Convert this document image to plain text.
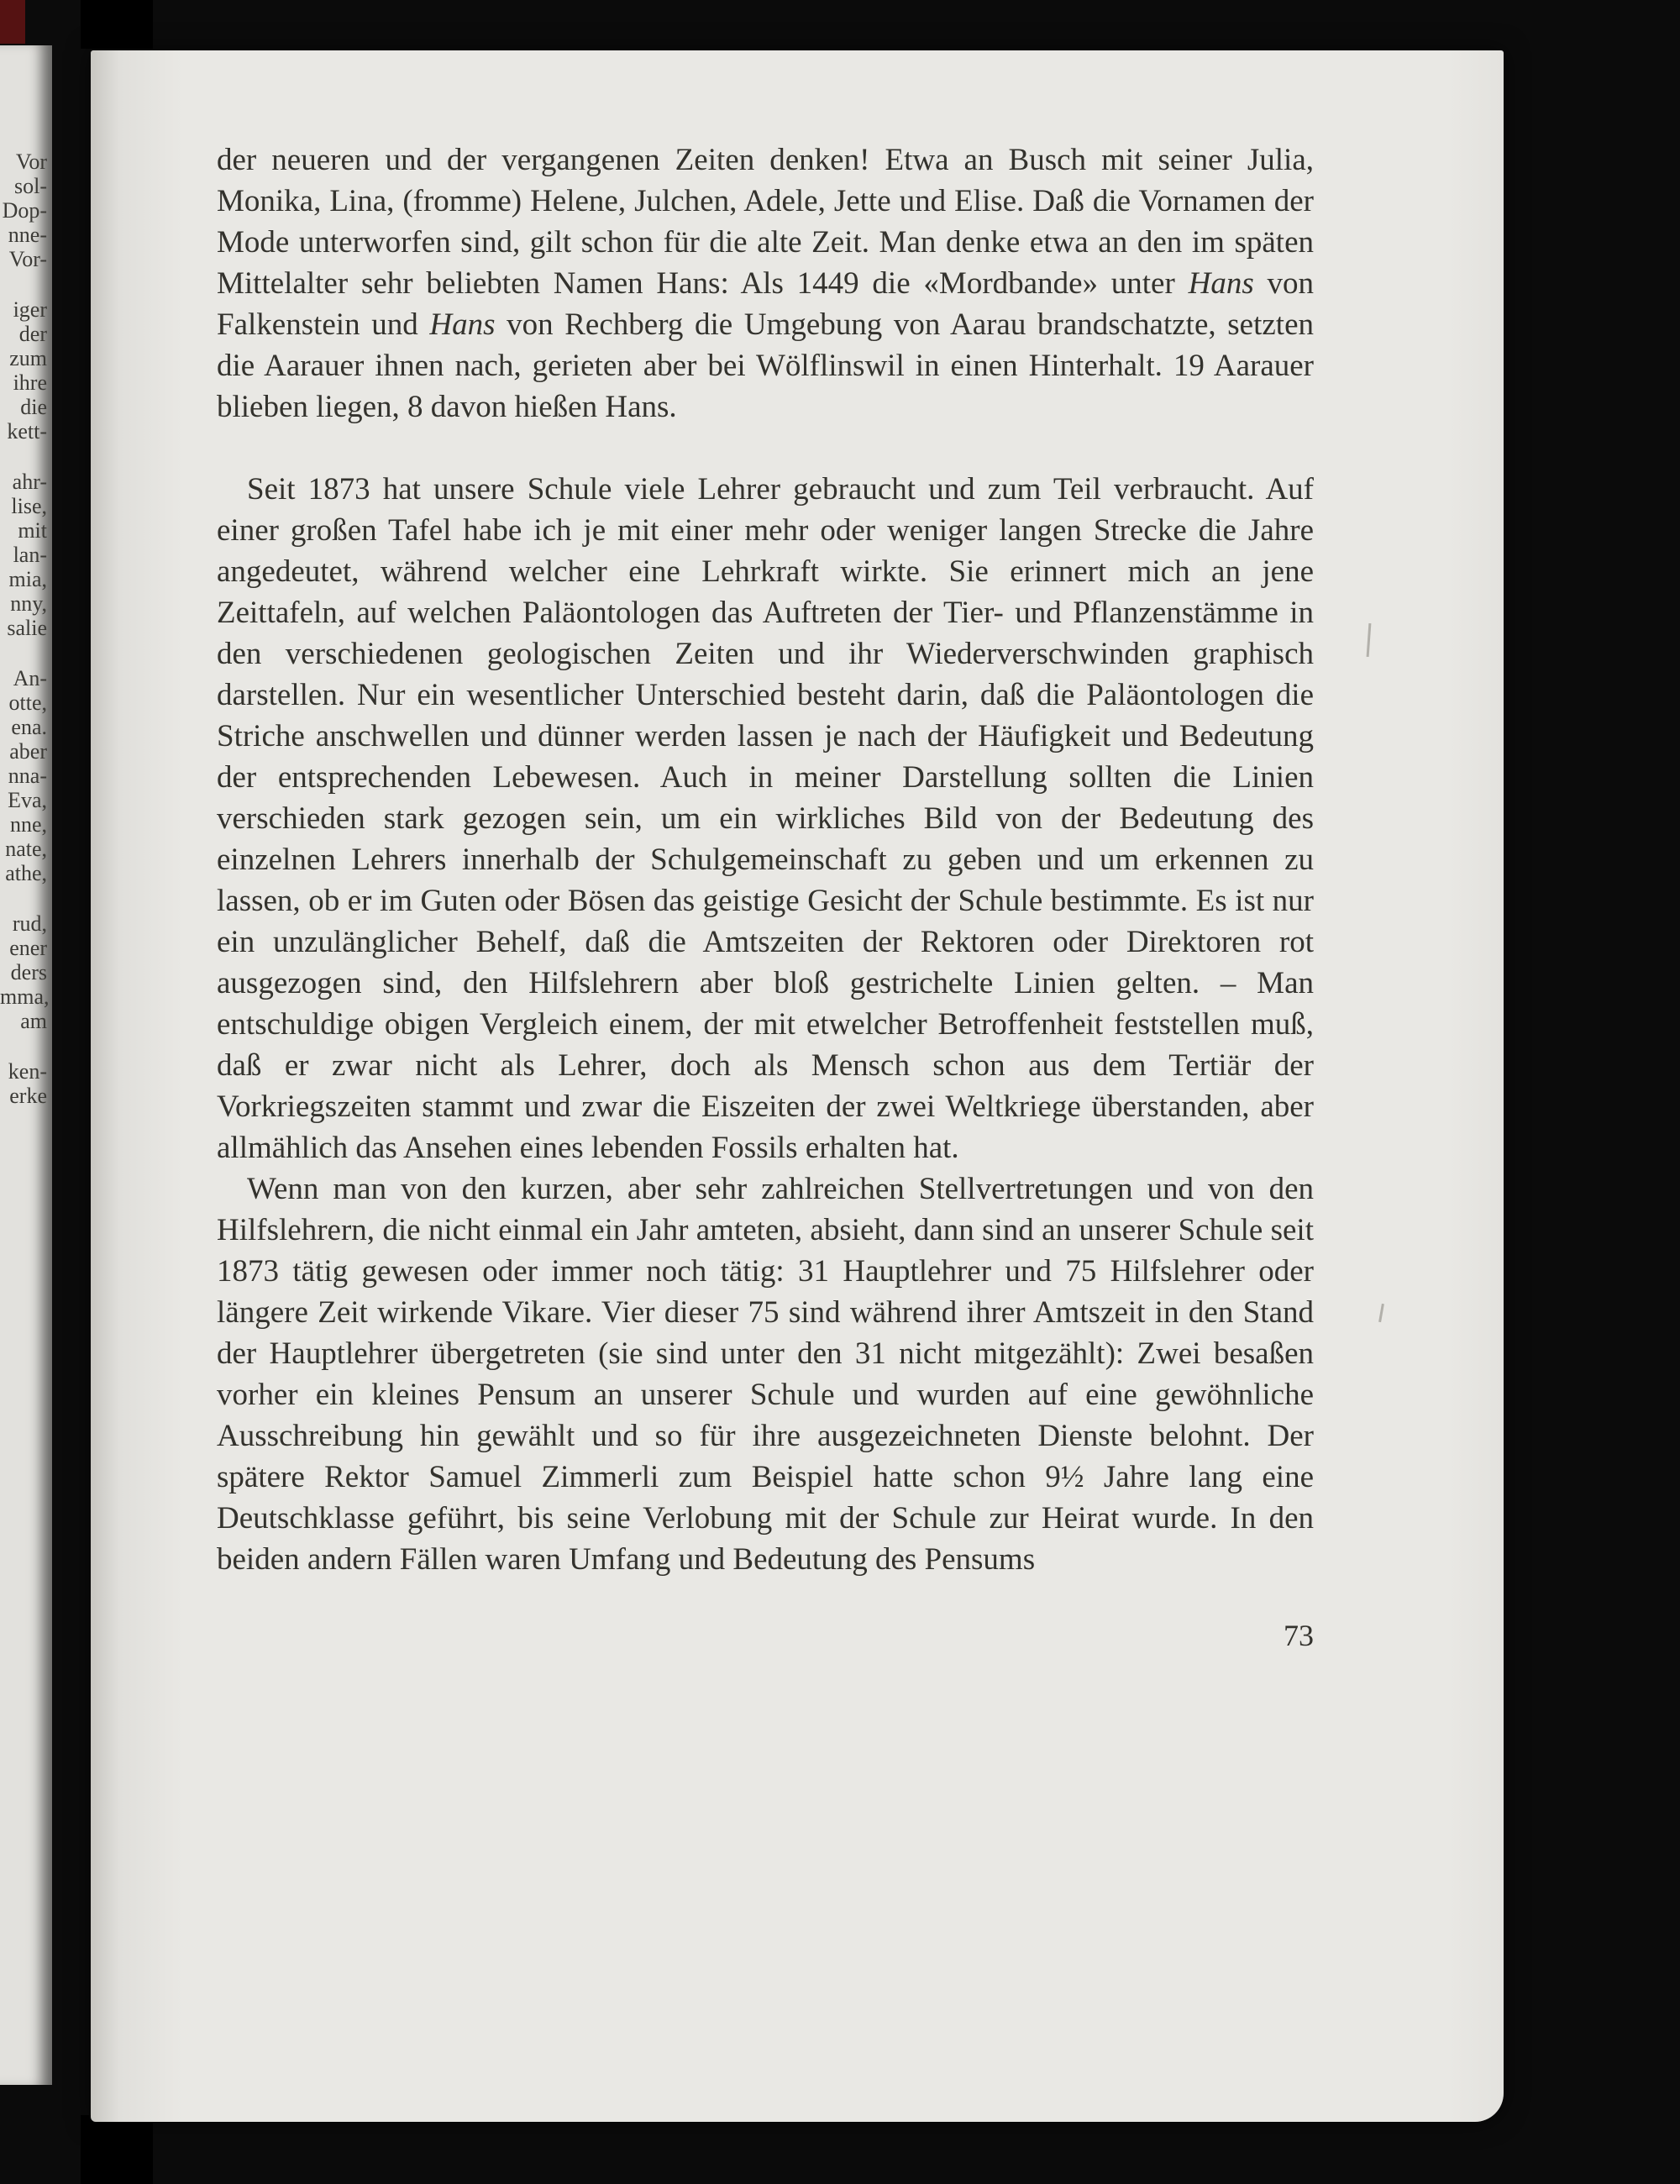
Vor
sol-
Dop-
nne-
Vor-
iger
der
zum
ihre
die
kett-
ahr-
lise,
mit
lan-
mia,
nny,
salie
An-
otte,
ena.
aber
nna-
Eva,
nne,
nate,
athe,
rud,
ener
ders
mma,
am
ken-
erke

der neueren und der vergangenen Zeiten denken! Etwa an Busch mit seiner Julia, Monika, Lina, (fromme) Helene, Julchen, Adele, Jette und Elise. Daß die Vornamen der Mode unterworfen sind, gilt schon für die alte Zeit. Man denke etwa an den im späten Mittelalter sehr beliebten Namen Hans: Als 1449 die «Mordbande» unter Hans von Falkenstein und Hans von Rechberg die Umgebung von Aarau brandschatzte, setzten die Aarauer ihnen nach, gerieten aber bei Wölflinswil in einen Hinterhalt. 19 Aarauer blieben liegen, 8 davon hießen Hans.

Seit 1873 hat unsere Schule viele Lehrer gebraucht und zum Teil verbraucht. Auf einer großen Tafel habe ich je mit einer mehr oder weniger langen Strecke die Jahre angedeutet, während welcher eine Lehrkraft wirkte. Sie erinnert mich an jene Zeittafeln, auf welchen Paläontologen das Auftreten der Tier- und Pflanzenstämme in den verschiedenen geologischen Zeiten und ihr Wiederverschwinden graphisch darstellen. Nur ein wesentlicher Unterschied besteht darin, daß die Paläontologen die Striche anschwellen und dünner werden lassen je nach der Häufigkeit und Bedeutung der entsprechenden Lebewesen. Auch in meiner Darstellung sollten die Linien verschieden stark gezogen sein, um ein wirkliches Bild von der Bedeutung des einzelnen Lehrers innerhalb der Schulgemeinschaft zu geben und um erkennen zu lassen, ob er im Guten oder Bösen das geistige Gesicht der Schule bestimmte. Es ist nur ein unzulänglicher Behelf, daß die Amtszeiten der Rektoren oder Direktoren rot ausgezogen sind, den Hilfslehrern aber bloß gestrichelte Linien gelten. – Man entschuldige obigen Vergleich einem, der mit etwelcher Betroffenheit feststellen muß, daß er zwar nicht als Lehrer, doch als Mensch schon aus dem Tertiär der Vorkriegszeiten stammt und zwar die Eiszeiten der zwei Weltkriege überstanden, aber allmählich das Ansehen eines lebenden Fossils erhalten hat.

Wenn man von den kurzen, aber sehr zahlreichen Stellvertretungen und von den Hilfslehrern, die nicht einmal ein Jahr amteten, absieht, dann sind an unserer Schule seit 1873 tätig gewesen oder immer noch tätig: 31 Hauptlehrer und 75 Hilfslehrer oder längere Zeit wirkende Vikare. Vier dieser 75 sind während ihrer Amtszeit in den Stand der Hauptlehrer übergetreten (sie sind unter den 31 nicht mitgezählt): Zwei besaßen vorher ein kleines Pensum an unserer Schule und wurden auf eine gewöhnliche Ausschreibung hin gewählt und so für ihre ausgezeichneten Dienste belohnt. Der spätere Rektor Samuel Zimmerli zum Beispiel hatte schon 9½ Jahre lang eine Deutschklasse geführt, bis seine Verlobung mit der Schule zur Heirat wurde. In den beiden andern Fällen waren Umfang und Bedeutung des Pensums

73
